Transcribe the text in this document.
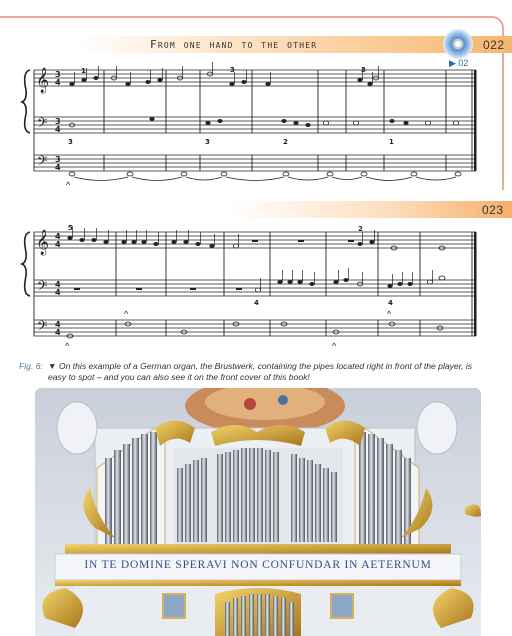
From one hand to the other	022
▶ 02
𝄞
𝄢
𝄢
3
4
3
4
3
4
1	3	3
3	3	2	1
^
023
𝄞
𝄢
𝄢
4
4
4
4
4
4
5	2
4	4
^
^
^
^
Fig. 6: ▼ On this example of a German organ, the Brustwerk, containing the pipes located right in front of the player, is easy to spot – and you can also see it on the front cover of this book!
IN TE DOMINE SPERAVI NON CONFUNDAR IN AETERNUM
